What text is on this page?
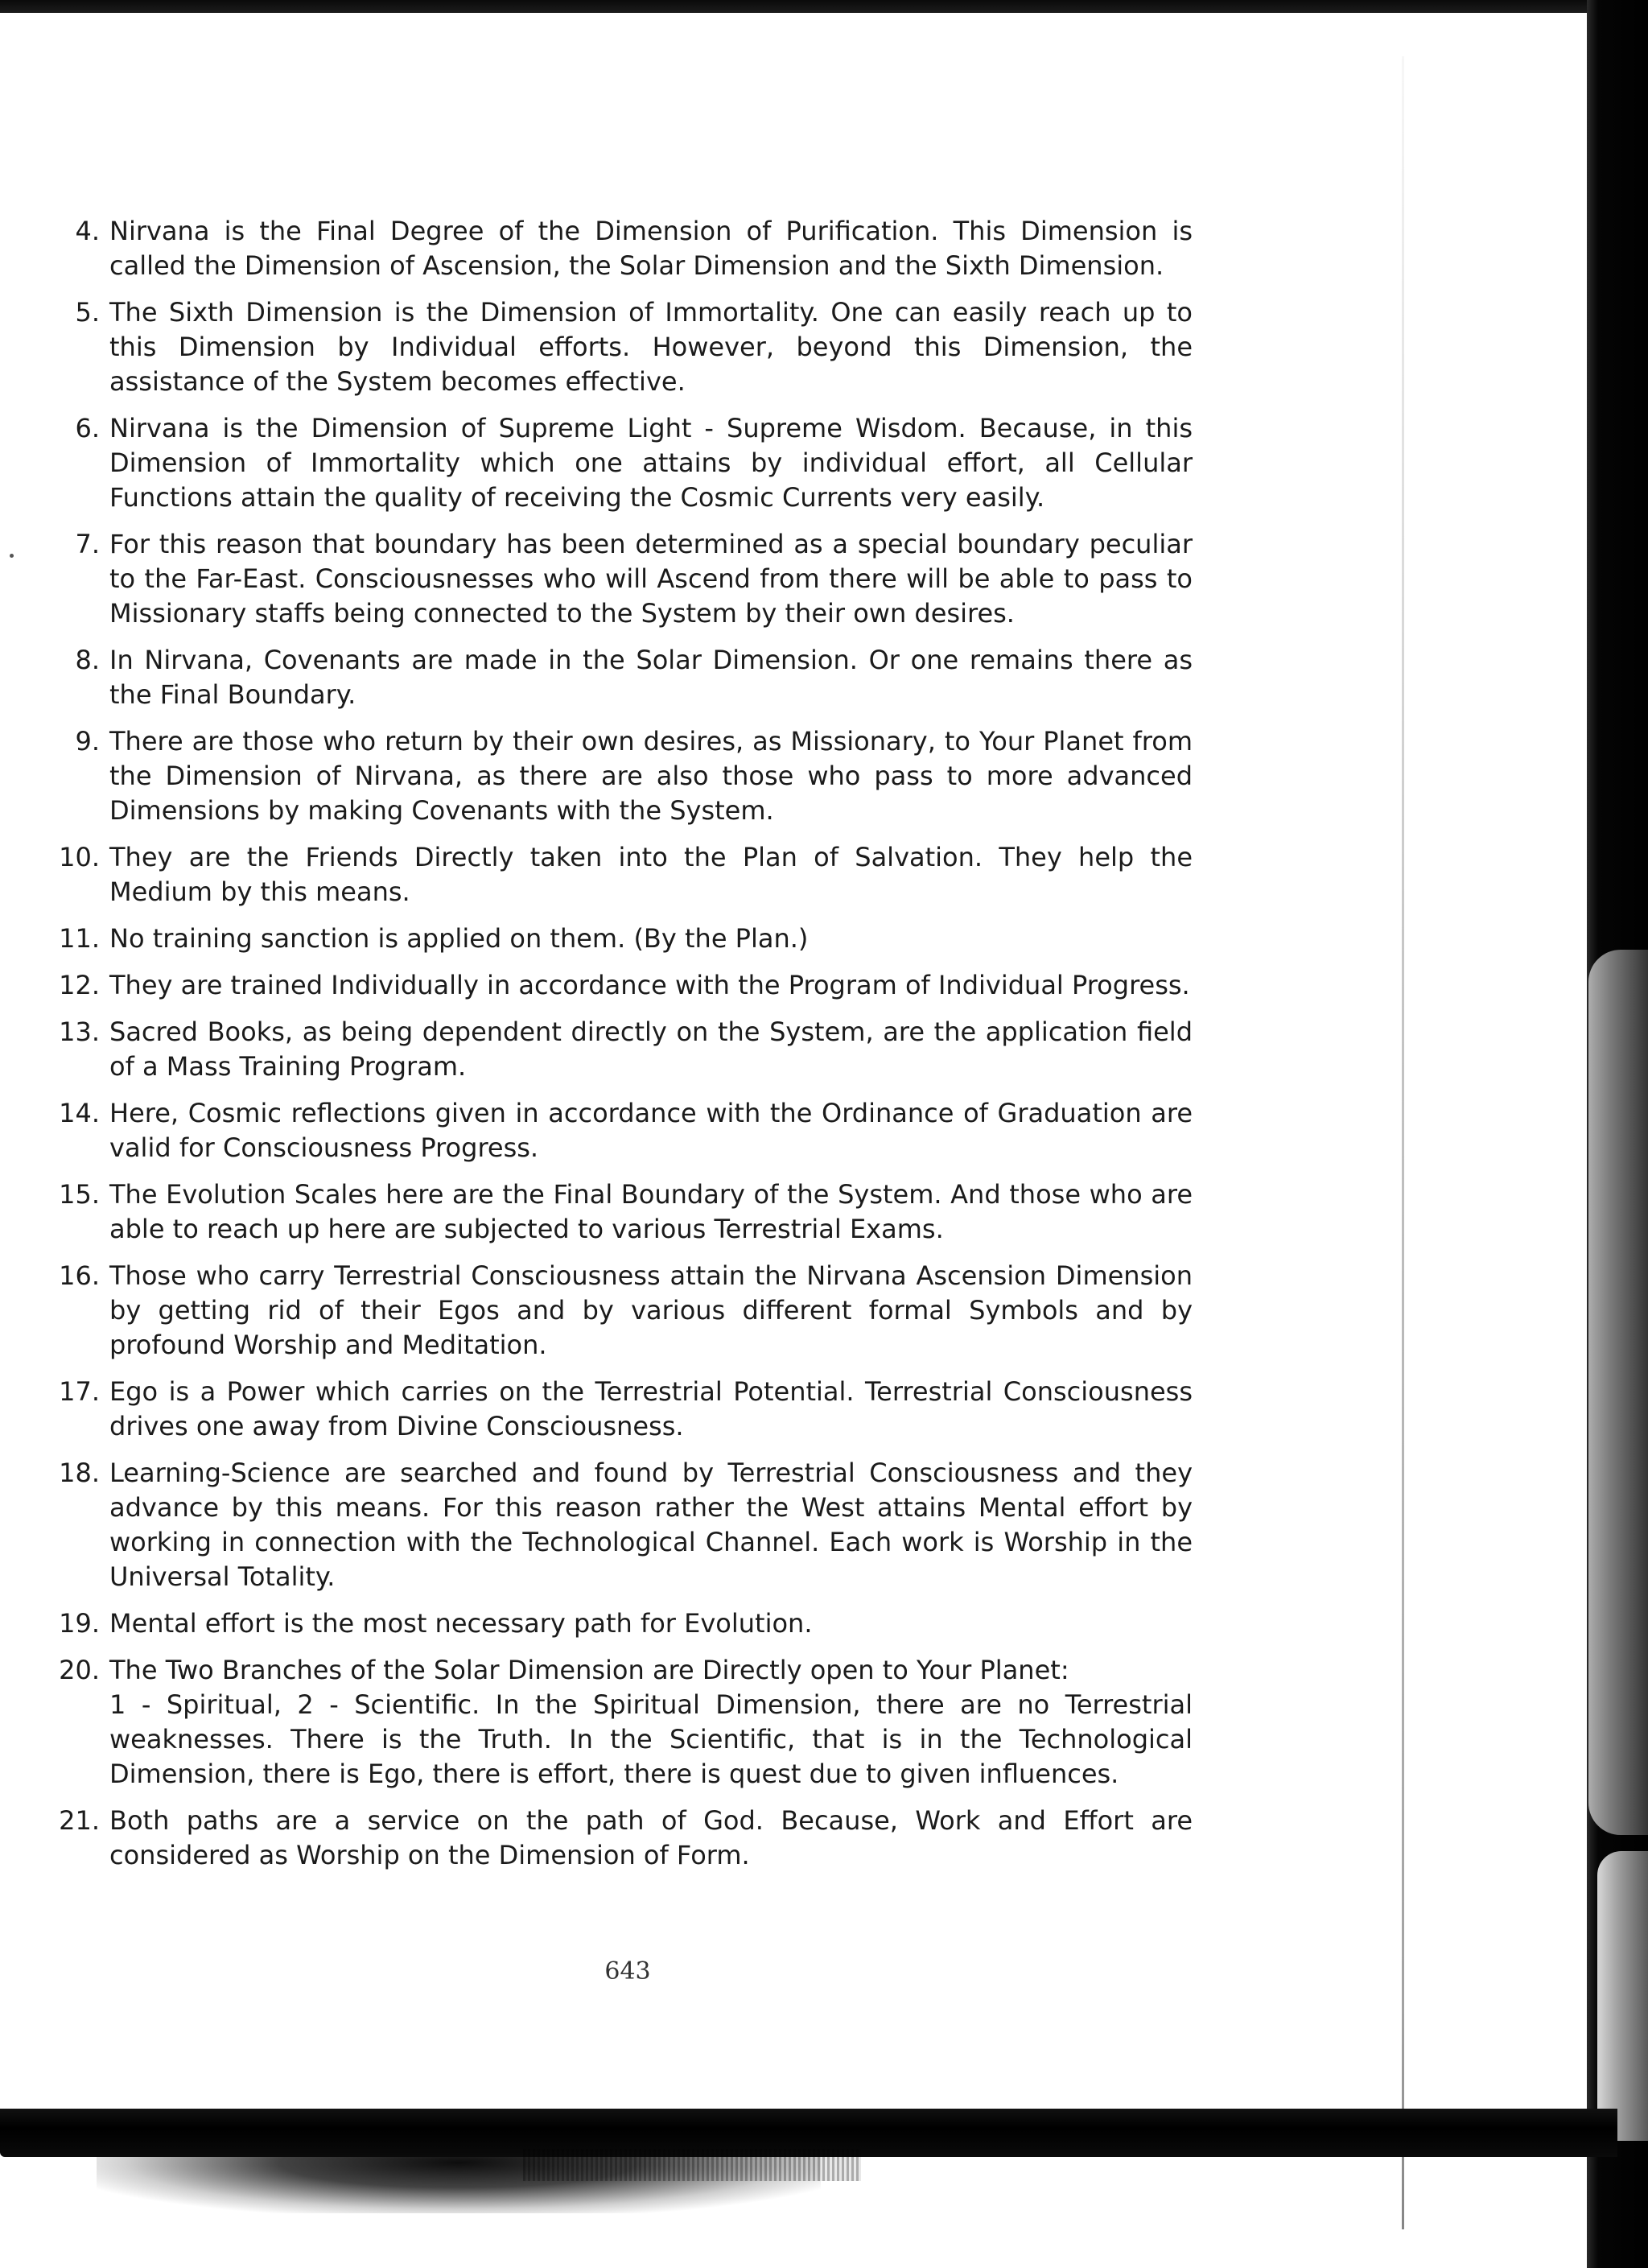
4. Nirvana is the Final Degree of the Dimension of Purification. This Dimension is called the Dimension of Ascension, the Solar Dimension and the Sixth Dimension.
5. The Sixth Dimension is the Dimension of Immortality. One can easily reach up to this Dimension by Individual efforts. However, beyond this Dimension, the assistance of the System becomes effective.
6. Nirvana is the Dimension of Supreme Light - Supreme Wisdom. Because, in this Dimension of Immortality which one attains by individual effort, all Cellular Functions attain the quality of receiving the Cosmic Currents very easily.
7. For this reason that boundary has been determined as a special boundary peculiar to the Far-East. Consciousnesses who will Ascend from there will be able to pass to Missionary staffs being connected to the System by their own desires.
8. In Nirvana, Covenants are made in the Solar Dimension. Or one remains there as the Final Boundary.
9. There are those who return by their own desires, as Missionary, to Your Planet from the Dimension of Nirvana, as there are also those who pass to more advanced Dimensions by making Covenants with the System.
10. They are the Friends Directly taken into the Plan of Salvation. They help the Medium by this means.
11. No training sanction is applied on them. (By the Plan.)
12. They are trained Individually in accordance with the Program of Individual Progress.
13. Sacred Books, as being dependent directly on the System, are the application field of a Mass Training Program.
14. Here, Cosmic reflections given in accordance with the Ordinance of Graduation are valid for Consciousness Progress.
15. The Evolution Scales here are the Final Boundary of the System. And those who are able to reach up here are subjected to various Terrestrial Exams.
16. Those who carry Terrestrial Consciousness attain the Nirvana Ascension Dimension by getting rid of their Egos and by various different formal Symbols and by profound Worship and Meditation.
17. Ego is a Power which carries on the Terrestrial Potential. Terrestrial Consciousness drives one away from Divine Consciousness.
18. Learning-Science are searched and found by Terrestrial Consciousness and they advance by this means. For this reason rather the West attains Mental effort by working in connection with the Technological Channel. Each work is Worship in the Universal Totality.
19. Mental effort is the most necessary path for Evolution.
20. The Two Branches of the Solar Dimension are Directly open to Your Planet:
1 - Spiritual, 2 - Scientific. In the Spiritual Dimension, there are no Terrestrial weaknesses. There is the Truth. In the Scientific, that is in the Technological Dimension, there is Ego, there is effort, there is quest due to given influences.
21. Both paths are a service on the path of God. Because, Work and Effort are considered as Worship on the Dimension of Form.
643
